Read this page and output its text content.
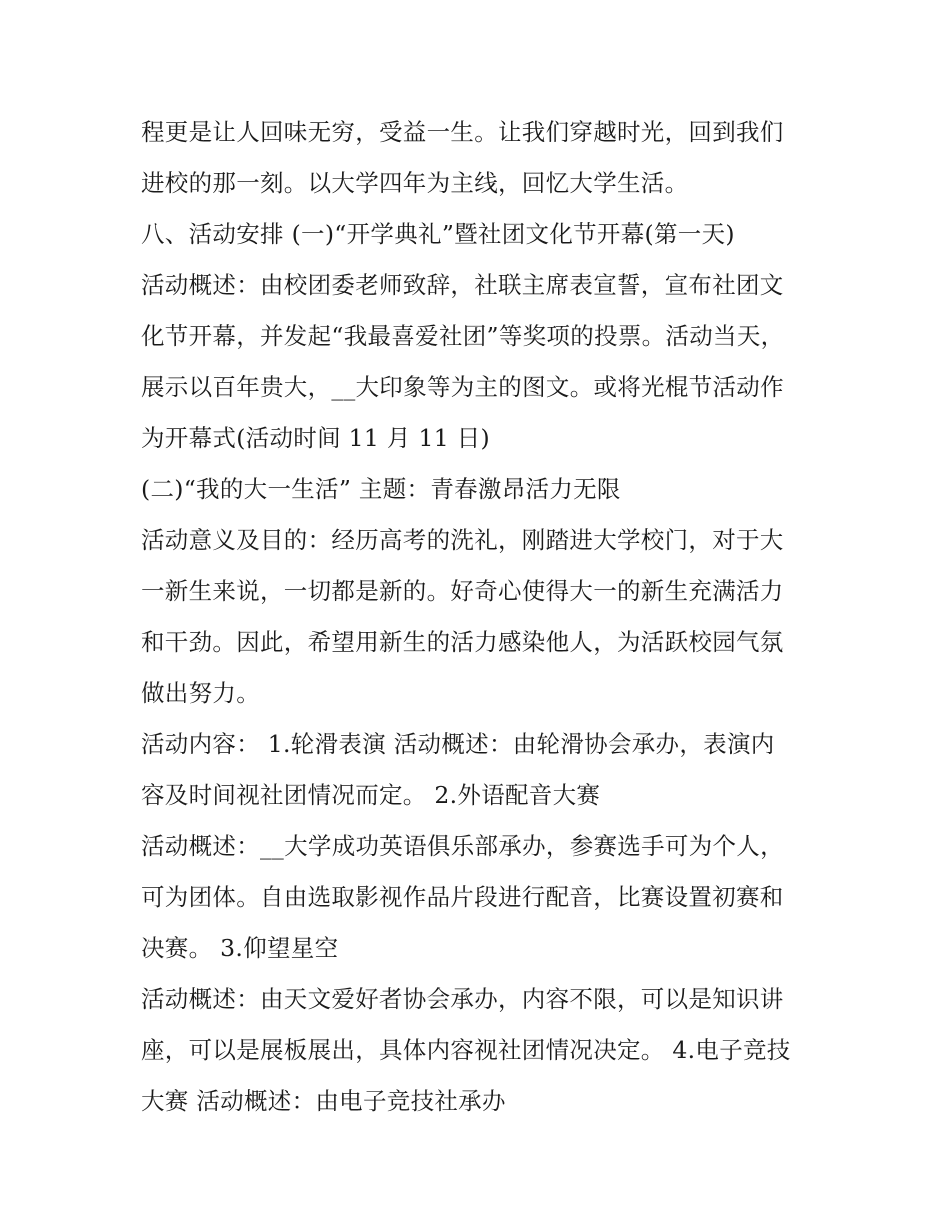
程更是让人回味无穷，受益一生。让我们穿越时光，回到我们
进校的那一刻。以大学四年为主线，回忆大学生活。
八、活动安排 (一)“开学典礼”暨社团文化节开幕(第一天)
活动概述：由校团委老师致辞，社联主席表宣誓，宣布社团文
化节开幕，并发起“我最喜爱社团”等奖项的投票。活动当天，
展示以百年贵大，__大印象等为主的图文。或将光棍节活动作
为开幕式(活动时间 11 月 11 日)
(二)“我的大一生活” 主题：青春激昂活力无限
活动意义及目的：经历高考的洗礼，刚踏进大学校门，对于大
一新生来说，一切都是新的。好奇心使得大一的新生充满活力
和干劲。因此，希望用新生的活力感染他人，为活跃校园气氛
做出努力。
活动内容： 1.轮滑表演 活动概述：由轮滑协会承办，表演内
容及时间视社团情况而定。 2.外语配音大赛
活动概述：__大学成功英语俱乐部承办，参赛选手可为个人，
可为团体。自由选取影视作品片段进行配音，比赛设置初赛和
决赛。 3.仰望星空
活动概述：由天文爱好者协会承办，内容不限，可以是知识讲
座，可以是展板展出，具体内容视社团情况决定。 4.电子竞技
大赛 活动概述：由电子竞技社承办
